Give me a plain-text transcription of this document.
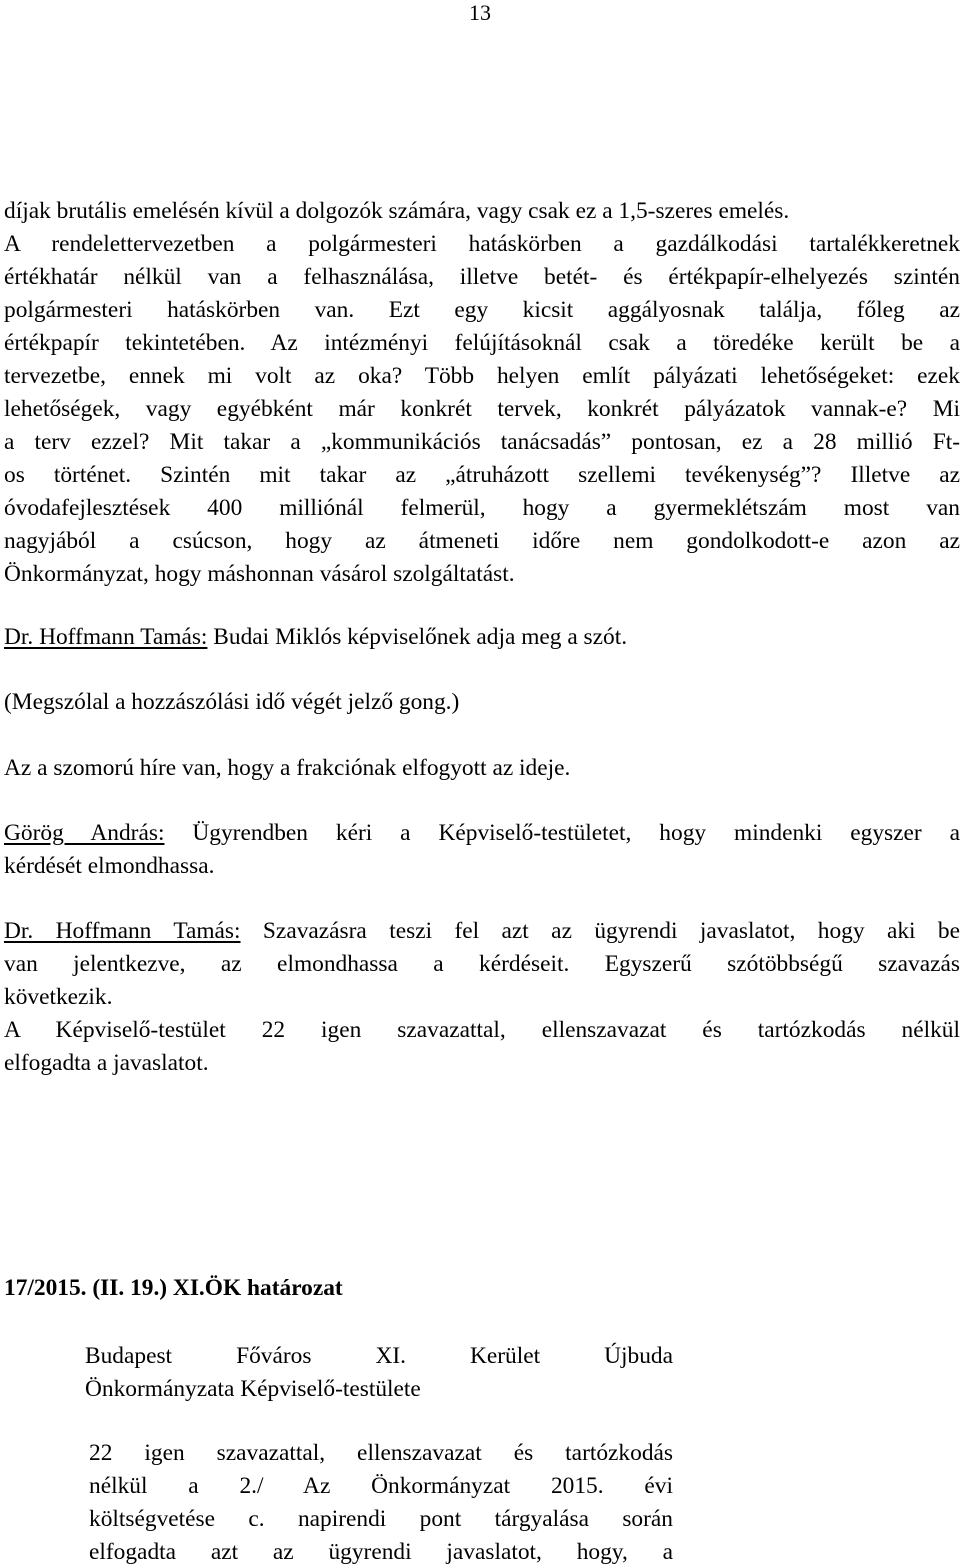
13
díjak brutális emelésén kívül a dolgozók számára, vagy csak ez a 1,5-szeres emelés.
A rendelettervezetben a polgármesteri hatáskörben a gazdálkodási tartalékkeretnek
értékhatár nélkül van a felhasználása, illetve betét- és értékpapír-elhelyezés szintén
polgármesteri hatáskörben van. Ezt egy kicsit aggályosnak találja, főleg az
értékpapír tekintetében. Az intézményi felújításoknál csak a töredéke került be a
tervezetbe, ennek mi volt az oka? Több helyen említ pályázati lehetőségeket: ezek
lehetőségek, vagy egyébként már konkrét tervek, konkrét pályázatok vannak-e? Mi
a terv ezzel? Mit takar a „kommunikációs tanácsadás” pontosan, ez a 28 millió Ft-
os történet. Szintén mit takar az „átruházott szellemi tevékenység”? Illetve az
óvodafejlesztések 400 milliónál felmerül, hogy a gyermeklétszám most van
nagyjából a csúcson, hogy az átmeneti időre nem gondolkodott-e azon az
Önkormányzat, hogy máshonnan vásárol szolgáltatást.
Dr. Hoffmann Tamás: Budai Miklós képviselőnek adja meg a szót.
(Megszólal a hozzászólási idő végét jelző gong.)
Az a szomorú híre van, hogy a frakciónak elfogyott az ideje.
Görög András: Ügyrendben kéri a Képviselő-testületet, hogy mindenki egyszer a
kérdését elmondhassa.
Dr. Hoffmann Tamás: Szavazásra teszi fel azt az ügyrendi javaslatot, hogy aki be
van jelentkezve, az elmondhassa a kérdéseit. Egyszerű szótöbbségű szavazás
következik.
A Képviselő-testület 22 igen szavazattal, ellenszavazat és tartózkodás nélkül
elfogadta a javaslatot.
17/2015. (II. 19.) XI.ÖK határozat
Budapest Főváros XI. Kerület Újbuda
Önkormányzata Képviselő-testülete
22 igen szavazattal, ellenszavazat és tartózkodás
nélkül a 2./ Az Önkormányzat 2015. évi
költségvetése c. napirendi pont tárgyalása során
elfogadta azt az ügyrendi javaslatot, hogy, a
